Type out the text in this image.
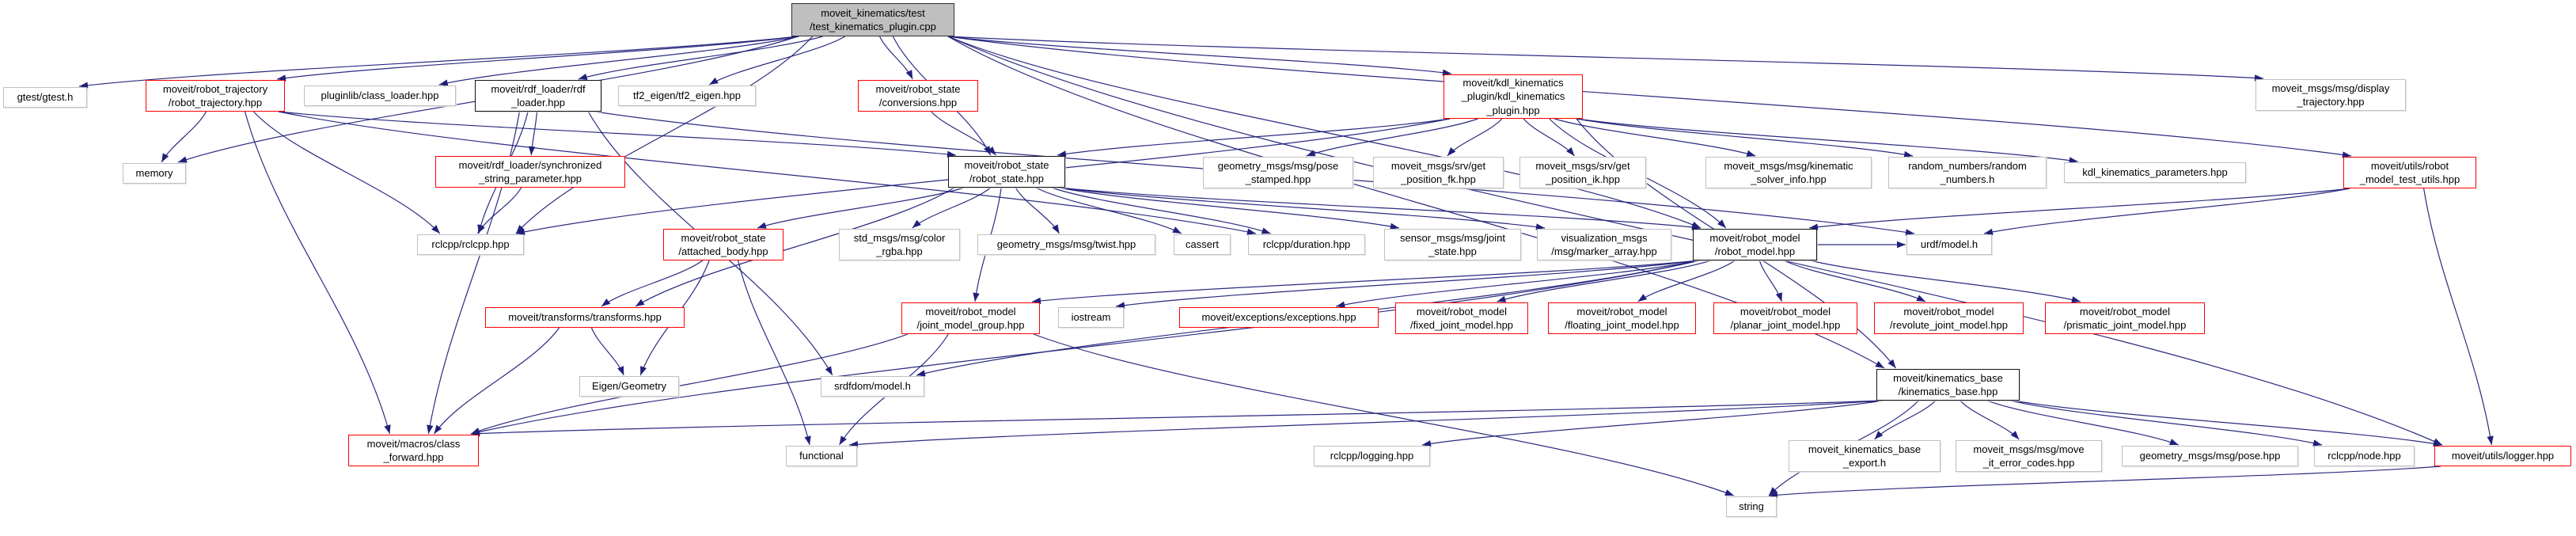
moveit_kinematics/test
/test_kinematics_plugin.cpp
gtest/gtest.h
moveit/robot_trajectory
/robot_trajectory.hpp
pluginlib/class_loader.hpp
moveit/rdf_loader/rdf
_loader.hpp
tf2_eigen/tf2_eigen.hpp
moveit/robot_state
/conversions.hpp
moveit/kdl_kinematics
_plugin/kdl_kinematics
_plugin.hpp
moveit_msgs/msg/display
_trajectory.hpp
memory
moveit/rdf_loader/synchronized
_string_parameter.hpp
moveit/robot_state
/robot_state.hpp
geometry_msgs/msg/pose
_stamped.hpp
moveit_msgs/srv/get
_position_fk.hpp
moveit_msgs/srv/get
_position_ik.hpp
moveit_msgs/msg/kinematic
_solver_info.hpp
random_numbers/random
_numbers.h
kdl_kinematics_parameters.hpp
moveit/utils/robot
_model_test_utils.hpp
rclcpp/rclcpp.hpp
moveit/robot_state
/attached_body.hpp
std_msgs/msg/color
_rgba.hpp
geometry_msgs/msg/twist.hpp	cassert	rclcpp/duration.hpp
sensor_msgs/msg/joint
_state.hpp
visualization_msgs
/msg/marker_array.hpp
moveit/robot_model
/robot_model.hpp
urdf/model.h
moveit/transforms/transforms.hpp
moveit/robot_model
/joint_model_group.hpp
iostream	moveit/exceptions/exceptions.hpp
moveit/robot_model
/fixed_joint_model.hpp
moveit/robot_model
/floating_joint_model.hpp
moveit/robot_model
/planar_joint_model.hpp
moveit/robot_model
/revolute_joint_model.hpp
moveit/robot_model
/prismatic_joint_model.hpp
Eigen/Geometry	srdfdom/model.h
moveit/kinematics_base
/kinematics_base.hpp
moveit/macros/class
_forward.hpp	functional	rclcpp/logging.hpp
moveit_kinematics_base
_export.h
moveit_msgs/msg/move
_it_error_codes.hpp
geometry_msgs/msg/pose.hpp	rclcpp/node.hpp	moveit/utils/logger.hpp
string
